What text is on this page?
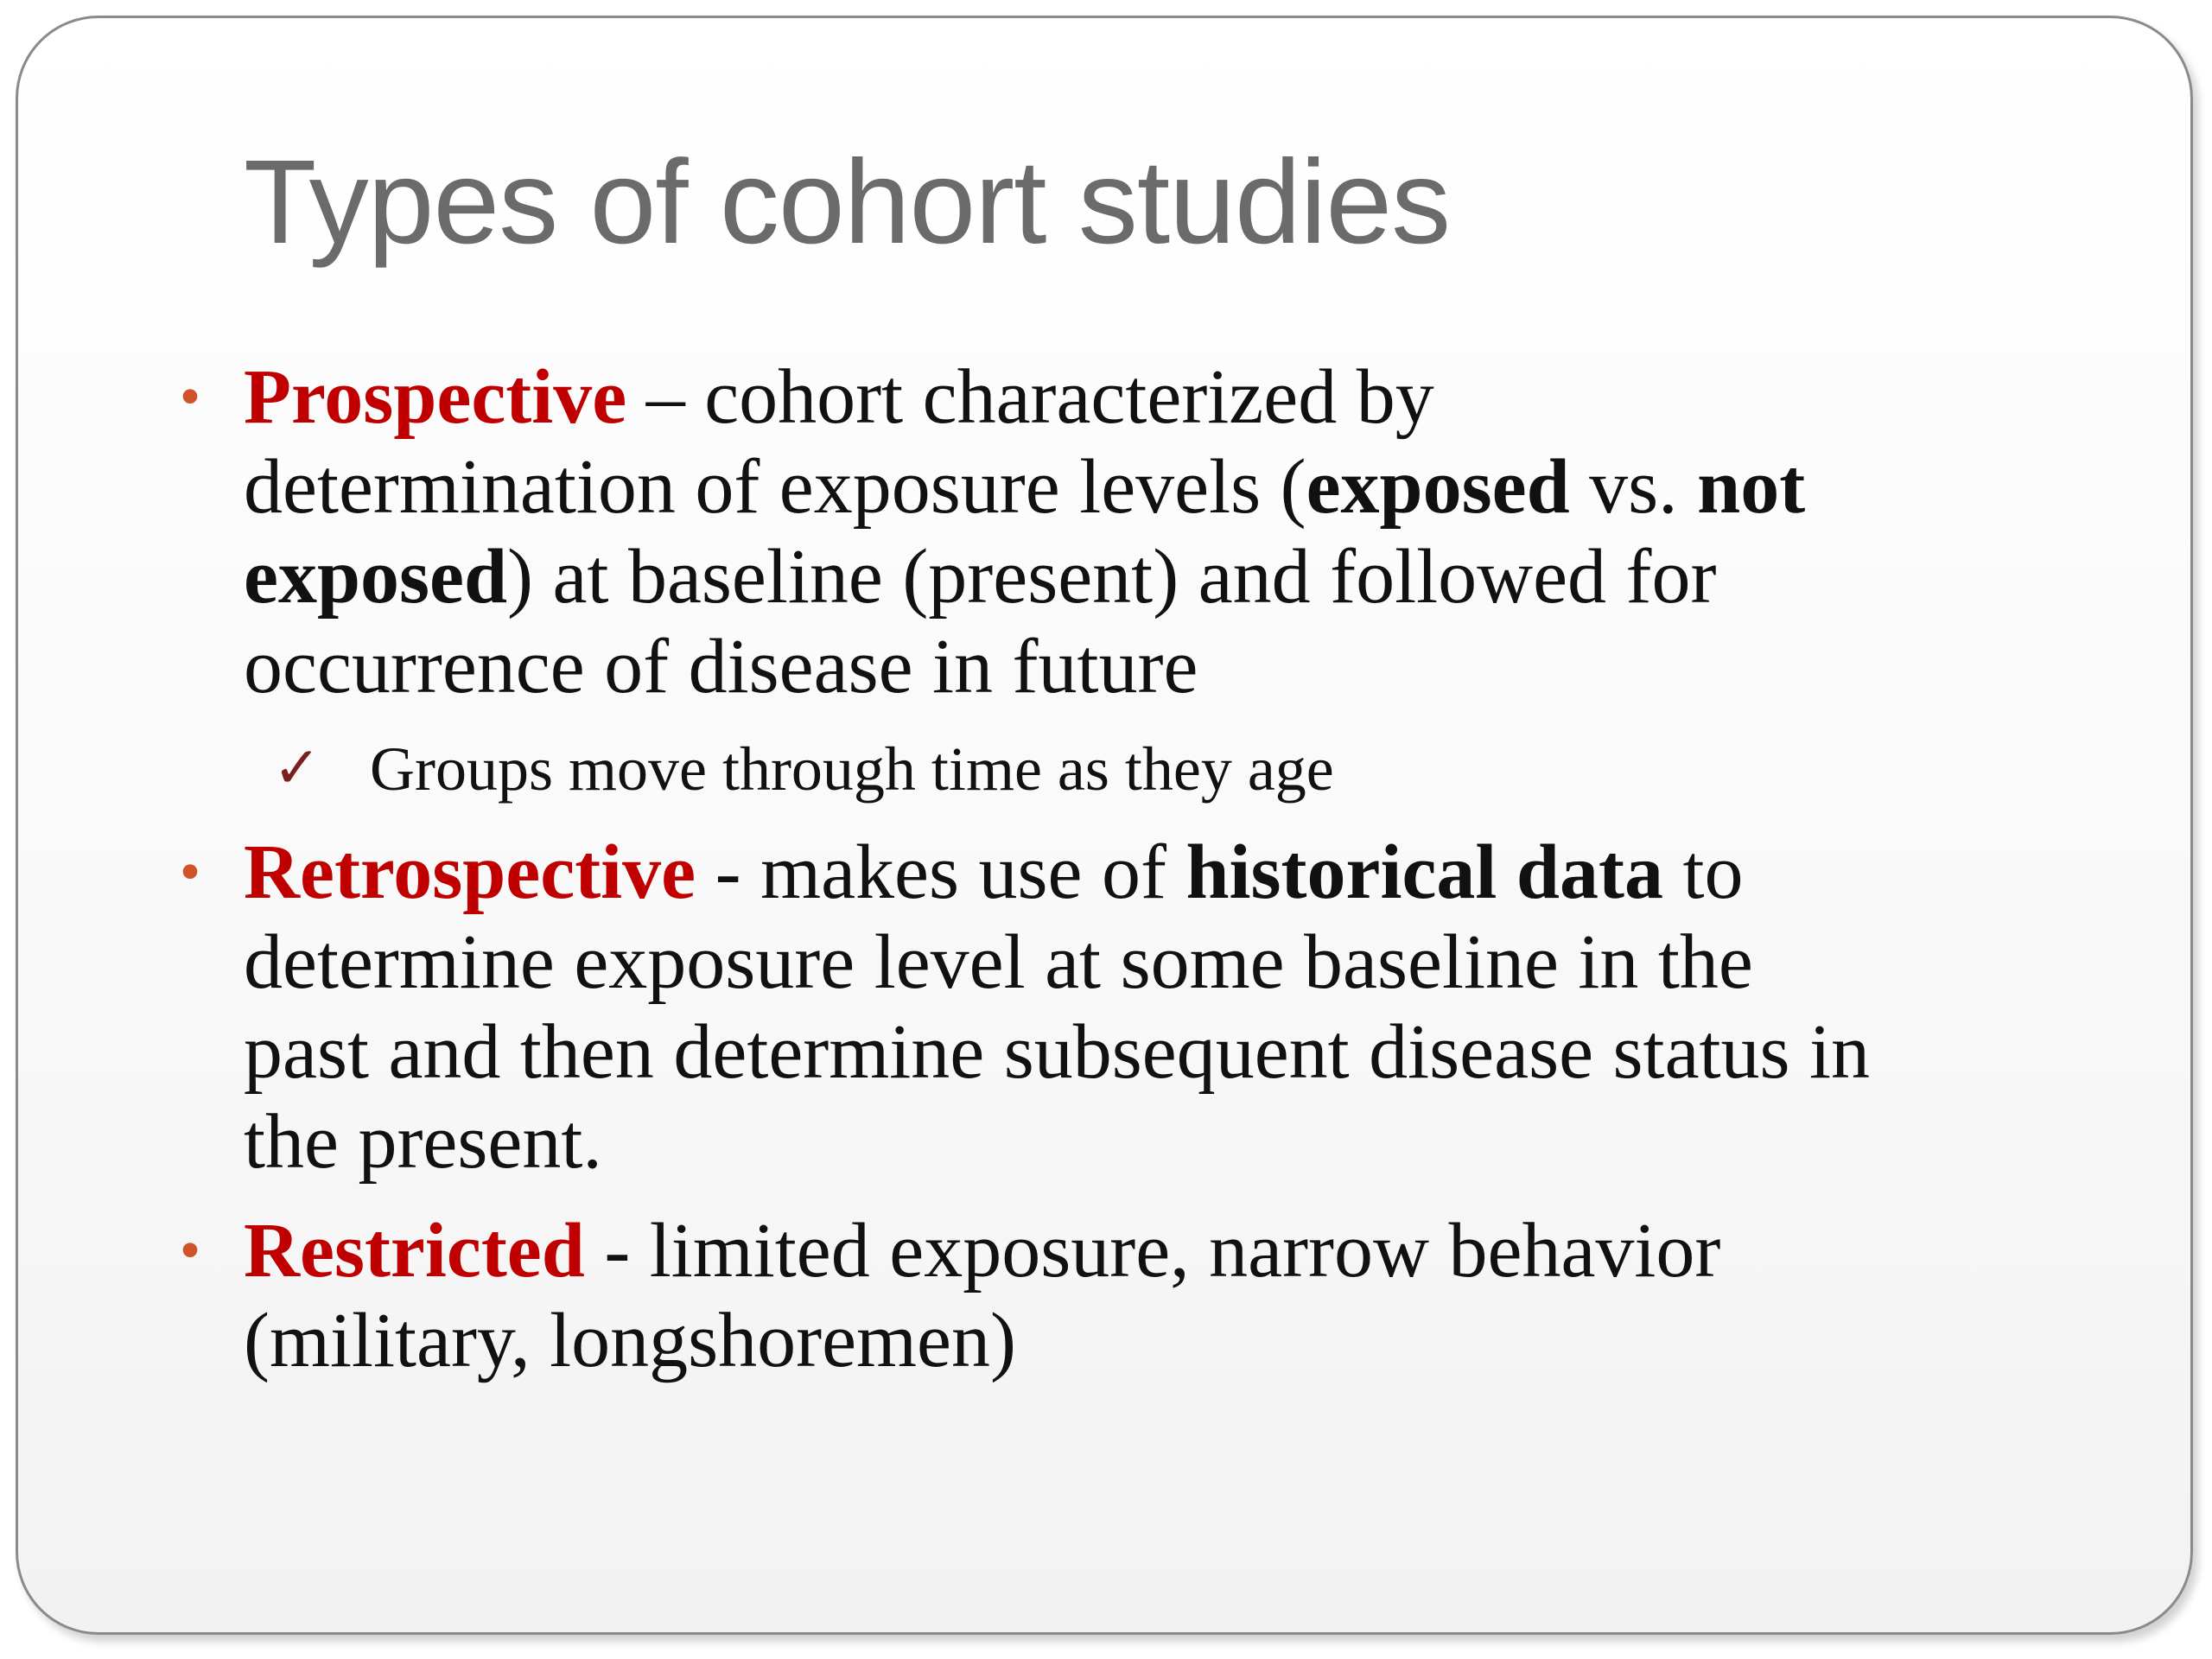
Types of cohort studies
• Prospective – cohort characterized by
determination of exposure levels (exposed vs. not
exposed) at baseline (present) and followed for
occurrence of disease in future
✓ Groups move through time as they age
• Retrospective - makes use of historical data to
determine exposure level at some baseline in the
past and then determine subsequent disease status in
the present.
• Restricted - limited exposure, narrow behavior
(military, longshoremen)
